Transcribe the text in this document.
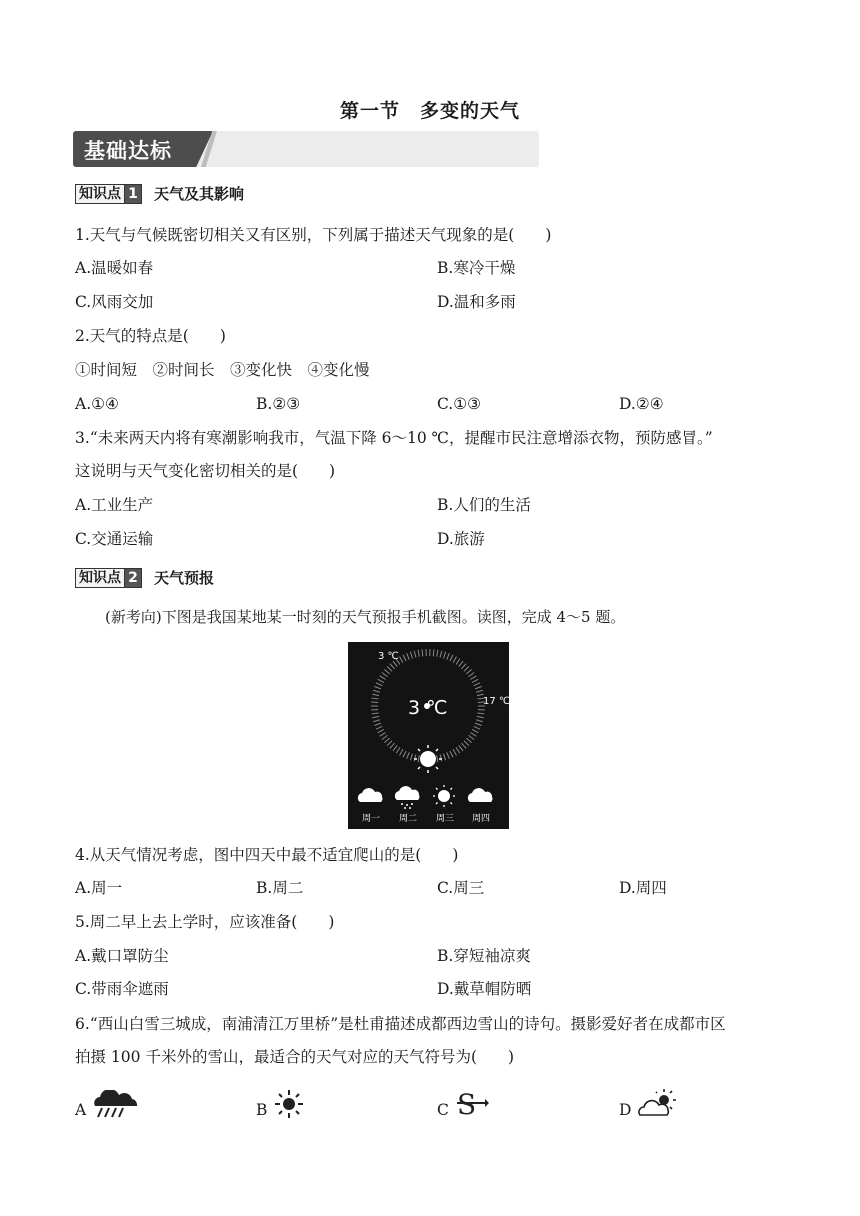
第一节　多变的天气
基础达标
知识点 1 天气及其影响
1.天气与气候既密切相关又有区别，下列属于描述天气现象的是(　　)
A.温暖如春	B.寒冷干燥
C.风雨交加	D.温和多雨
2.天气的特点是(　　)
①时间短　②时间长　③变化快　④变化慢
A.①④	B.②③	C.①③	D.②④
3.“未来两天内将有寒潮影响我市，气温下降 6～10 ℃，提醒市民注意增添衣物，预防感冒。”
这说明与天气变化密切相关的是(　　)
A.工业生产	B.人们的生活
C.交通运输	D.旅游
知识点 2 天气预报
(新考向)下图是我国某地某一时刻的天气预报手机截图。读图，完成 4～5 题。
3 ℃
17 ℃
3 ℃
周一 周二 周三 周四
4.从天气情况考虑，图中四天中最不适宜爬山的是(　　)
A.周一	B.周二	C.周三	D.周四
5.周二早上去上学时，应该准备(　　)
A.戴口罩防尘	B.穿短袖凉爽
C.带雨伞遮雨	D.戴草帽防晒
6.“西山白雪三城成，南浦清江万里桥”是杜甫描述成都西边雪山的诗句。摄影爱好者在成都市区
拍摄 100 千米外的雪山，最适合的天气对应的天气符号为(　　)
A	B	C S	D
